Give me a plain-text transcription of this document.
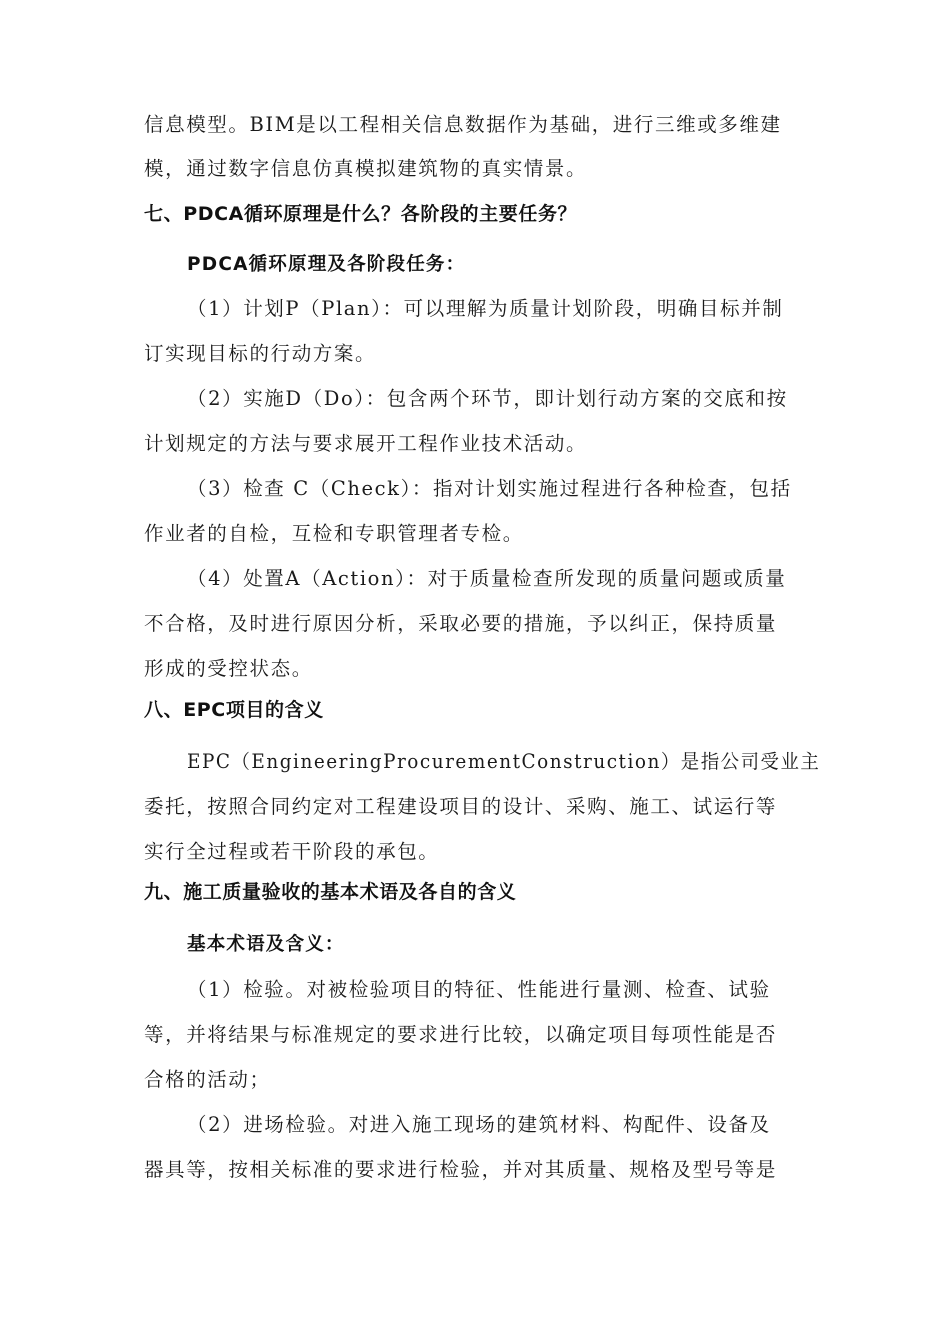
信息模型。BIM是以工程相关信息数据作为基础，进行三维或多维建
模，通过数字信息仿真模拟建筑物的真实情景。
七、PDCA循环原理是什么？各阶段的主要任务？
PDCA循环原理及各阶段任务：
（1）计划P（Plan）：可以理解为质量计划阶段，明确目标并制
订实现目标的行动方案。
（2）实施D（Do）：包含两个环节，即计划行动方案的交底和按
计划规定的方法与要求展开工程作业技术活动。
（3）检查 C（Check）：指对计划实施过程进行各种检查，包括
作业者的自检，互检和专职管理者专检。
（4）处置A（Action）：对于质量检查所发现的质量问题或质量
不合格，及时进行原因分析，采取必要的措施，予以纠正，保持质量
形成的受控状态。
八、EPC项目的含义
EPC（EngineeringProcurementConstruction）是指公司受业主
委托，按照合同约定对工程建设项目的设计、采购、施工、试运行等
实行全过程或若干阶段的承包。
九、施工质量验收的基本术语及各自的含义
基本术语及含义：
（1）检验。对被检验项目的特征、性能进行量测、检查、试验
等，并将结果与标准规定的要求进行比较，以确定项目每项性能是否
合格的活动；
（2）进场检验。对进入施工现场的建筑材料、构配件、设备及
器具等，按相关标准的要求进行检验，并对其质量、规格及型号等是
